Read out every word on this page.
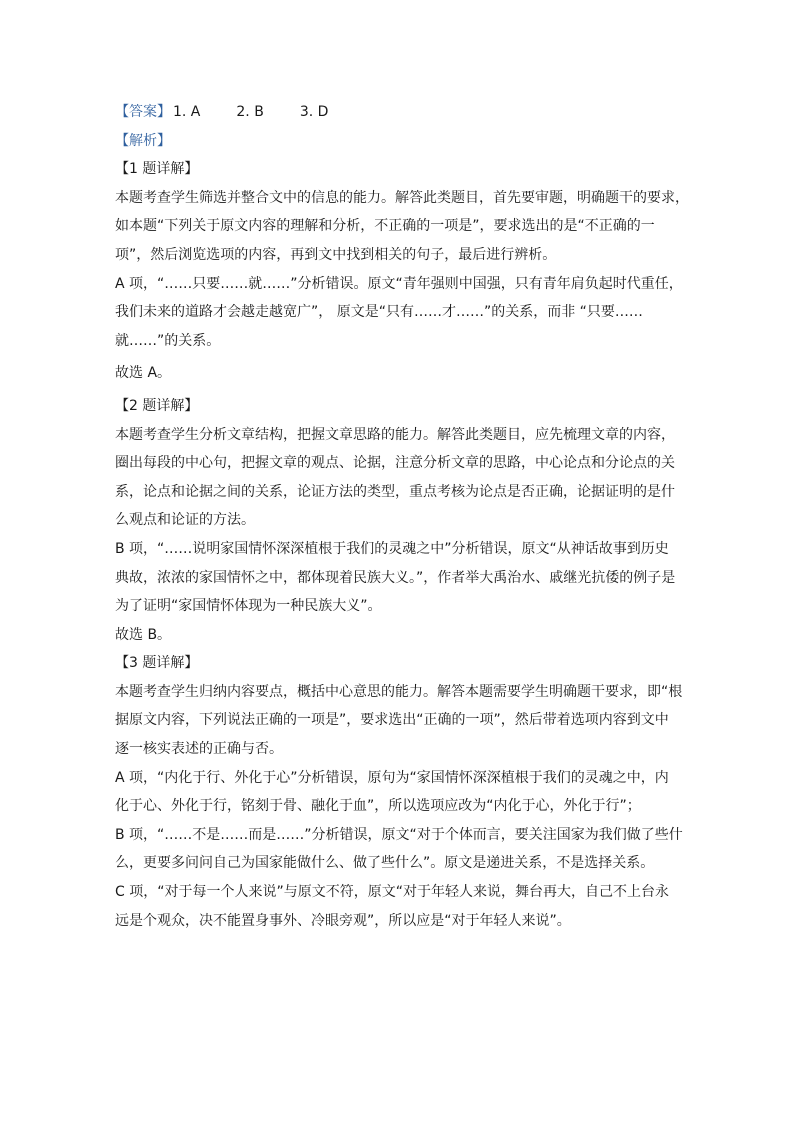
【答案】 1. A	2. B	3. D
【解析】
【1 题详解】
本题考查学生筛选并整合文中的信息的能力。解答此类题目，首先要审题，明确题干的要求，
如本题“下列关于原文内容的理解和分析，不正确的一项是”，要求选出的是“不正确的一
项”，然后浏览选项的内容，再到文中找到相关的句子，最后进行辨析。
A 项，“……只要……就……”分析错误。原文“青年强则中国强，只有青年肩负起时代重任，
我们未来的道路才会越走越宽广”， 原文是“只有……才……”的关系，而非 “只要……
就……”的关系。
故选 A。
【2 题详解】
本题考查学生分析文章结构，把握文章思路的能力。解答此类题目，应先梳理文章的内容，
圈出每段的中心句，把握文章的观点、论据，注意分析文章的思路，中心论点和分论点的关
系，论点和论据之间的关系，论证方法的类型，重点考核为论点是否正确，论据证明的是什
么观点和论证的方法。
B 项，“……说明家国情怀深深植根于我们的灵魂之中”分析错误，原文“从神话故事到历史
典故，浓浓的家国情怀之中，都体现着民族大义。”，作者举大禹治水、戚继光抗倭的例子是
为了证明“家国情怀体现为一种民族大义”。
故选 B。
【3 题详解】
本题考查学生归纳内容要点，概括中心意思的能力。解答本题需要学生明确题干要求，即“根
据原文内容，下列说法正确的一项是”，要求选出“正确的一项”，然后带着选项内容到文中
逐一核实表述的正确与否。
A 项，“内化于行、外化于心”分析错误，原句为“家国情怀深深植根于我们的灵魂之中，内
化于心、外化于行，铭刻于骨、融化于血”，所以选项应改为“内化于心，外化于行”；
B 项，“……不是……而是……”分析错误，原文“对于个体而言，要关注国家为我们做了些什
么，更要多问问自己为国家能做什么、做了些什么”。原文是递进关系，不是选择关系。
C 项，“对于每一个人来说”与原文不符，原文“对于年轻人来说，舞台再大，自己不上台永
远是个观众，决不能置身事外、冷眼旁观”，所以应是“对于年轻人来说”。
